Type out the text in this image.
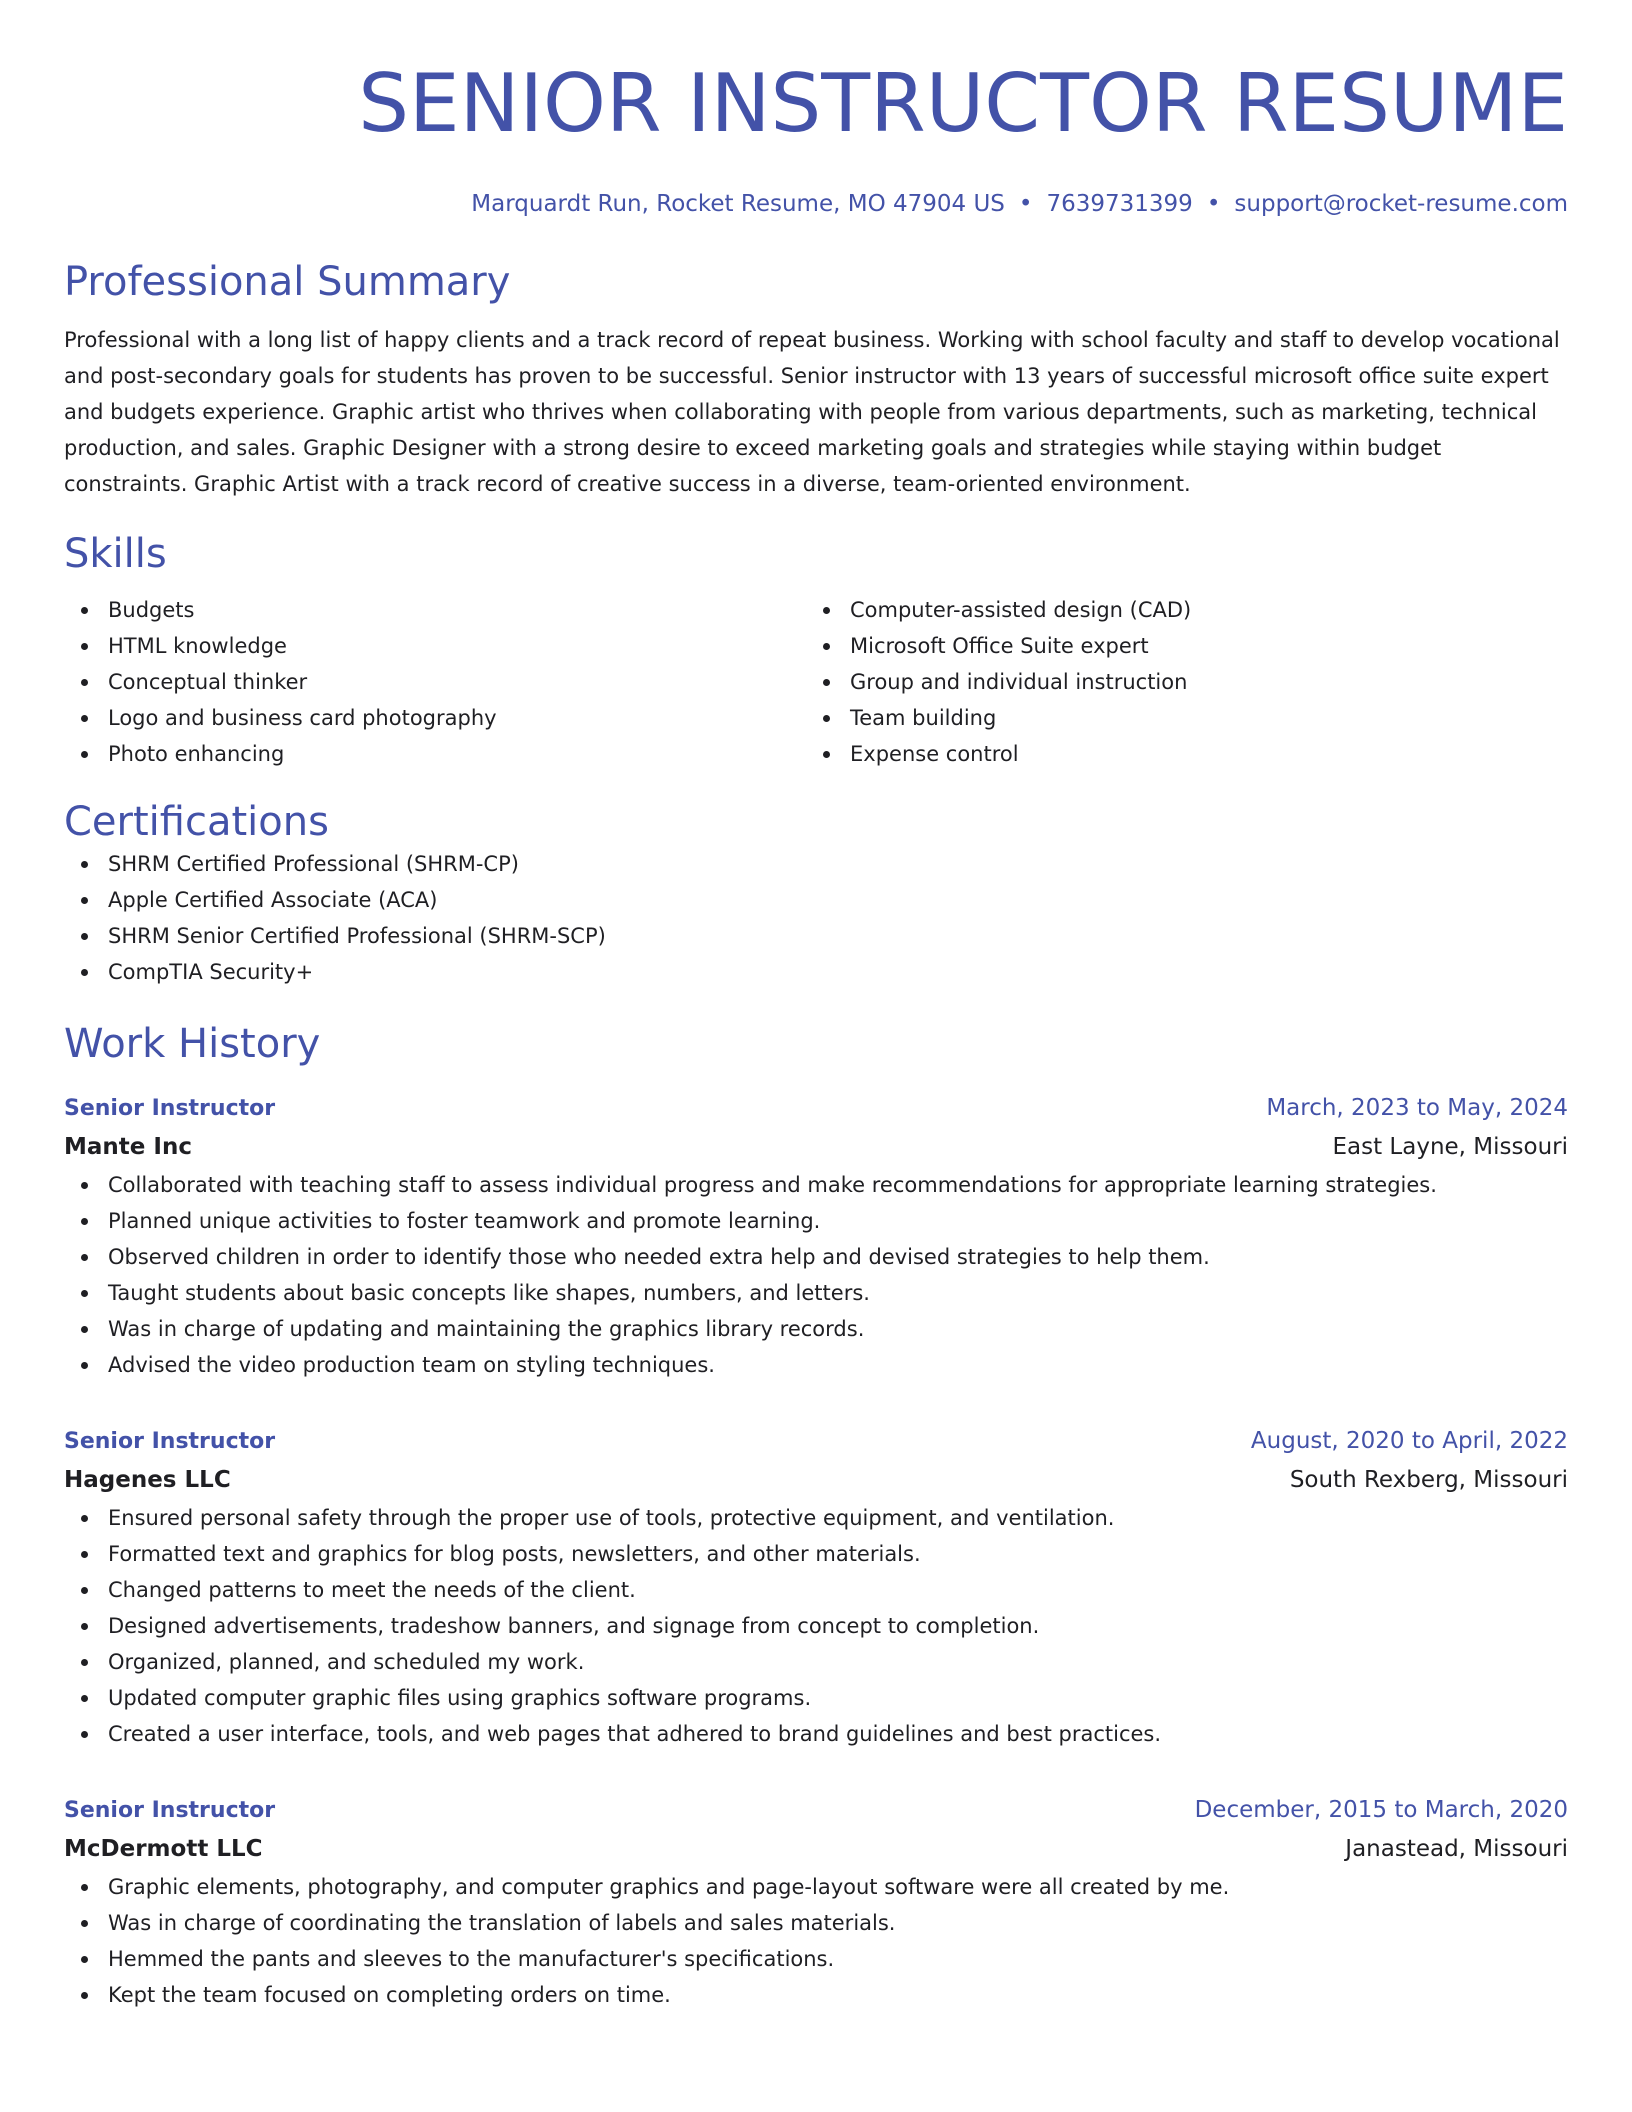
SENIOR INSTRUCTOR RESUME
Marquardt Run, Rocket Resume, MO 47904 US • 7639731399 • support@rocket-resume.com
Professional Summary

Professional with a long list of happy clients and a track record of repeat business. Working with school faculty and staff to develop vocational and post-secondary goals for students has proven to be successful. Senior instructor with 13 years of successful microsoft office suite expert and budgets experience. Graphic artist who thrives when collaborating with people from various departments, such as marketing, technical production, and sales. Graphic Designer with a strong desire to exceed marketing goals and strategies while staying within budget constraints. Graphic Artist with a track record of creative success in a diverse, team-oriented environment.

Skills
Budgets
HTML knowledge
Conceptual thinker
Logo and business card photography
Photo enhancing
Computer-assisted design (CAD)
Microsoft Office Suite expert
Group and individual instruction
Team building
Expense control
Certifications
SHRM Certified Professional (SHRM-CP)
Apple Certified Associate (ACA)
SHRM Senior Certified Professional (SHRM-SCP)
CompTIA Security+
Work History
Senior Instructor	March, 2023 to May, 2024
Mante Inc	East Layne, Missouri
Collaborated with teaching staff to assess individual progress and make recommendations for appropriate learning strategies.
Planned unique activities to foster teamwork and promote learning.
Observed children in order to identify those who needed extra help and devised strategies to help them.
Taught students about basic concepts like shapes, numbers, and letters.
Was in charge of updating and maintaining the graphics library records.
Advised the video production team on styling techniques.
Senior Instructor	August, 2020 to April, 2022
Hagenes LLC	South Rexberg, Missouri
Ensured personal safety through the proper use of tools, protective equipment, and ventilation.
Formatted text and graphics for blog posts, newsletters, and other materials.
Changed patterns to meet the needs of the client.
Designed advertisements, tradeshow banners, and signage from concept to completion.
Organized, planned, and scheduled my work.
Updated computer graphic files using graphics software programs.
Created a user interface, tools, and web pages that adhered to brand guidelines and best practices.
Senior Instructor	December, 2015 to March, 2020
McDermott LLC	Janastead, Missouri
Graphic elements, photography, and computer graphics and page-layout software were all created by me.
Was in charge of coordinating the translation of labels and sales materials.
Hemmed the pants and sleeves to the manufacturer's specifications.
Kept the team focused on completing orders on time.
